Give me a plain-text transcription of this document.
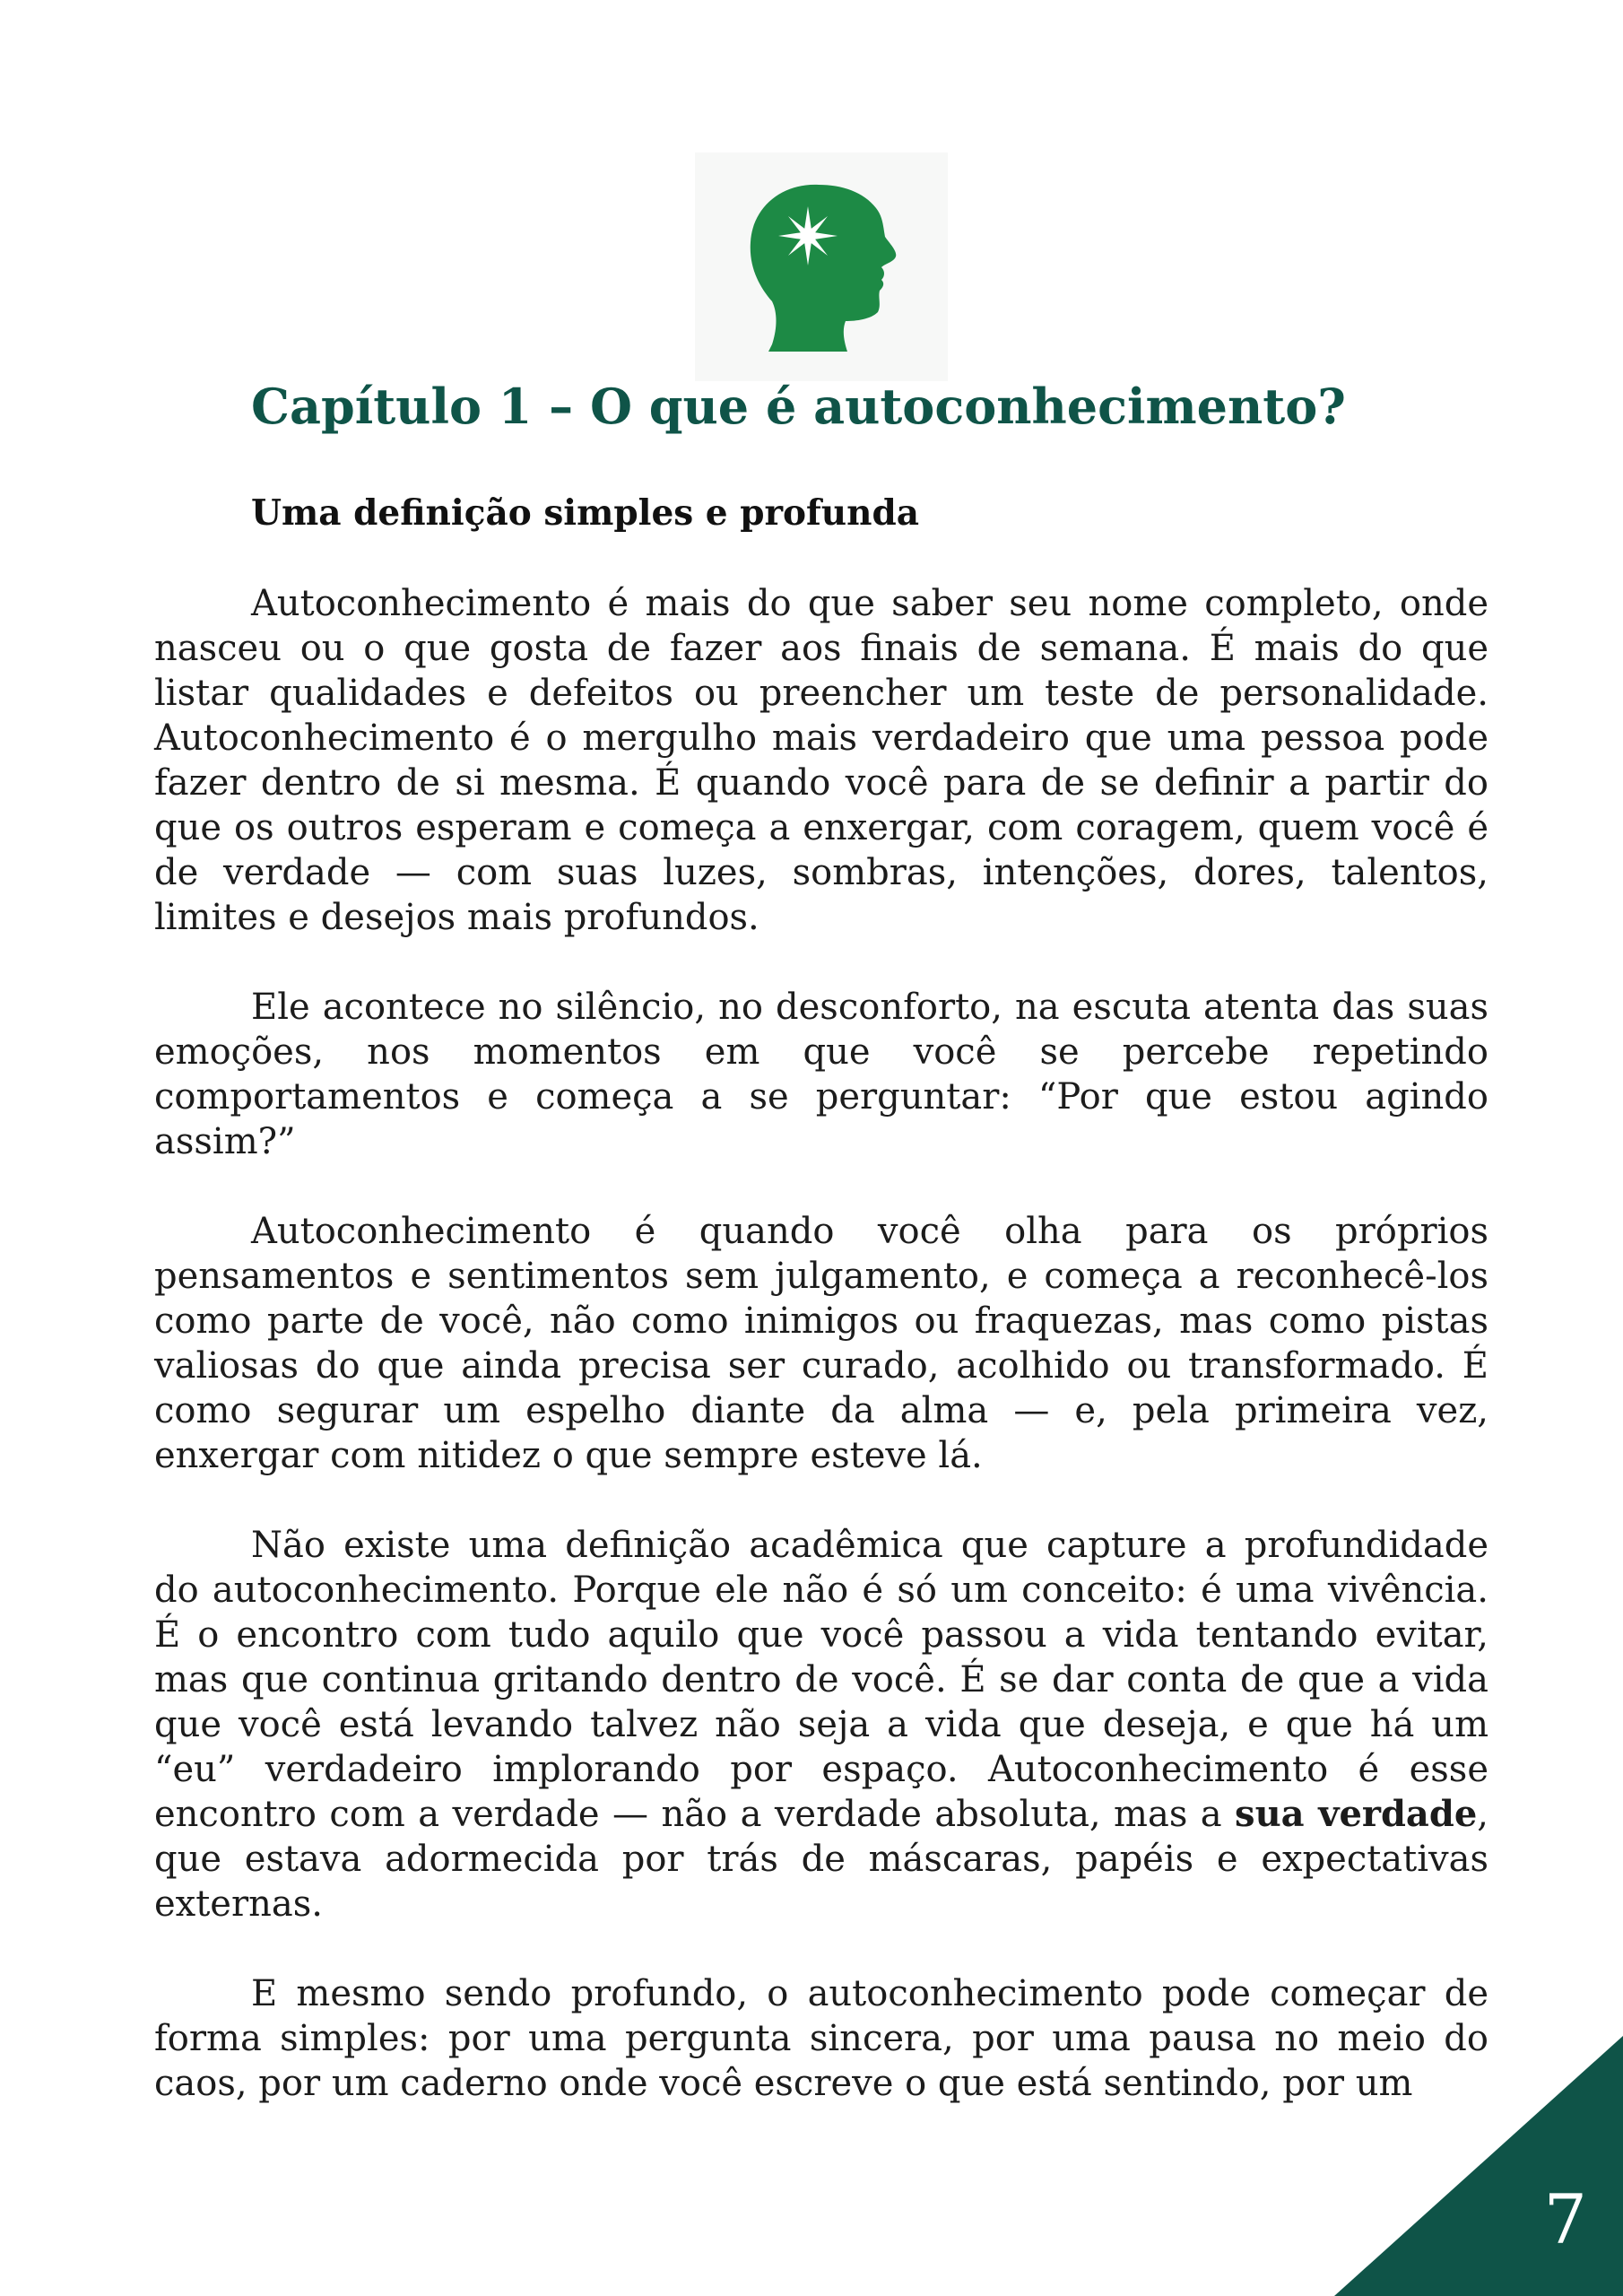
Capítulo 1 – O que é autoconhecimento?
Uma definição simples e profunda

Autoconhecimento é mais do que saber seu nome completo, onde nasceu ou o que gosta de fazer aos finais de semana. É mais do que listar qualidades e defeitos ou preencher um teste de personalidade. Autoconhecimento é o mergulho mais verdadeiro que uma pessoa pode fazer dentro de si mesma. É quando você para de se definir a partir do que os outros esperam e começa a enxergar, com coragem, quem você é de verdade — com suas luzes, sombras, intenções, dores, talentos, limites e desejos mais profundos.

Ele acontece no silêncio, no desconforto, na escuta atenta das suas emoções, nos momentos em que você se percebe repetindo comportamentos e começa a se perguntar: “Por que estou agindo assim?”

Autoconhecimento é quando você olha para os próprios pensamentos e sentimentos sem julgamento, e começa a reconhecê-los como parte de você, não como inimigos ou fraquezas, mas como pistas valiosas do que ainda precisa ser curado, acolhido ou transformado. É como segurar um espelho diante da alma — e, pela primeira vez, enxergar com nitidez o que sempre esteve lá.

Não existe uma definição acadêmica que capture a profundidade do autoconhecimento. Porque ele não é só um conceito: é uma vivência. É o encontro com tudo aquilo que você passou a vida tentando evitar, mas que continua gritando dentro de você. É se dar conta de que a vida que você está levando talvez não seja a vida que deseja, e que há um “eu” verdadeiro implorando por espaço. Autoconhecimento é esse encontro com a verdade — não a verdade absoluta, mas a sua verdade, que estava adormecida por trás de máscaras, papéis e expectativas externas.

E mesmo sendo profundo, o autoconhecimento pode começar de forma simples: por uma pergunta sincera, por uma pausa no meio do caos, por um caderno onde você escreve o que está sentindo, por um

7
